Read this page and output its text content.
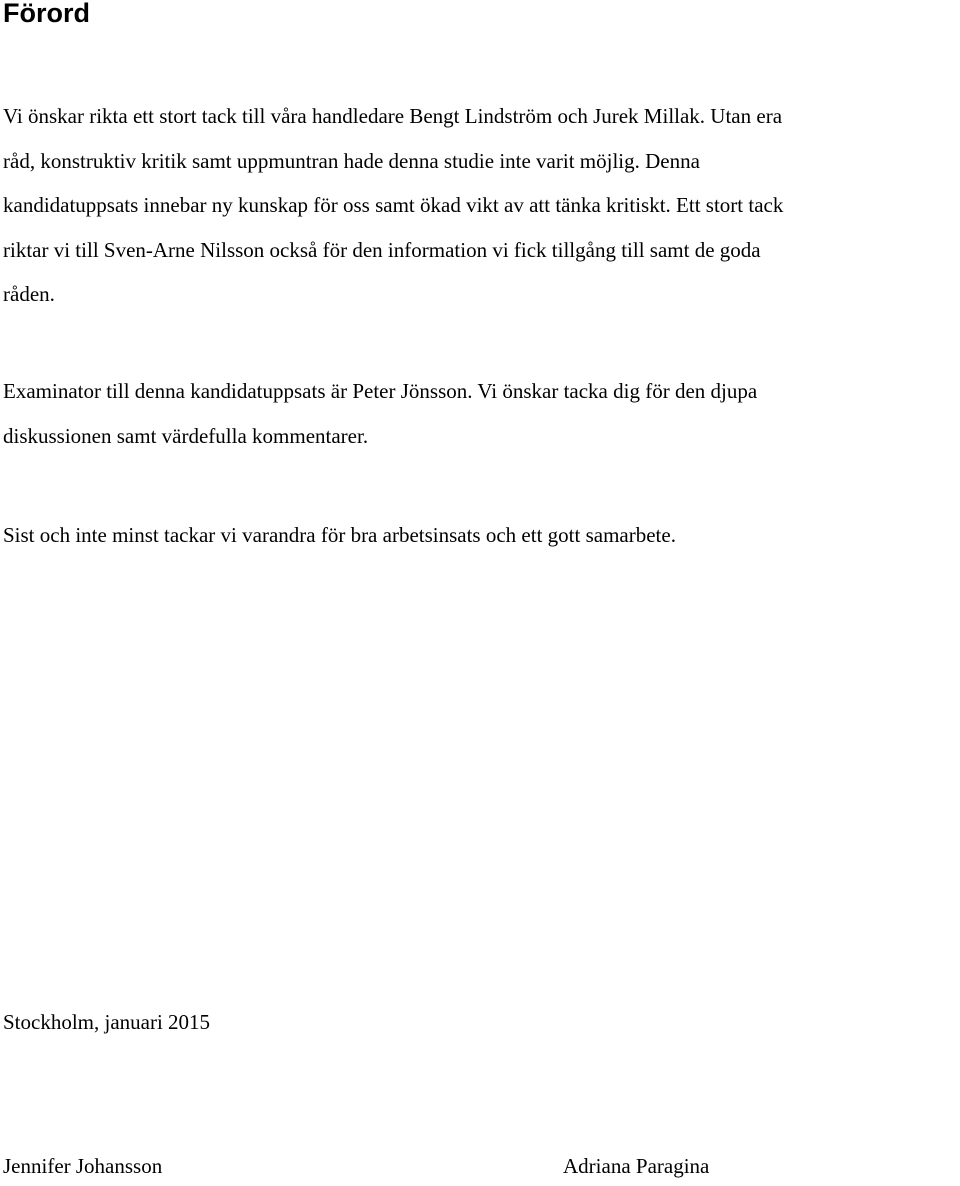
Förord

Vi önskar rikta ett stort tack till våra handledare Bengt Lindström och Jurek Millak. Utan era
råd, konstruktiv kritik samt uppmuntran hade denna studie inte varit möjlig. Denna
kandidatuppsats innebar ny kunskap för oss samt ökad vikt av att tänka kritiskt. Ett stort tack
riktar vi till Sven-Arne Nilsson också för den information vi fick tillgång till samt de goda
råden.

Examinator till denna kandidatuppsats är Peter Jönsson. Vi önskar tacka dig för den djupa
diskussionen samt värdefulla kommentarer.

Sist och inte minst tackar vi varandra för bra arbetsinsats och ett gott samarbete.

Stockholm, januari 2015

Jennifer Johansson	Adriana Paragina
